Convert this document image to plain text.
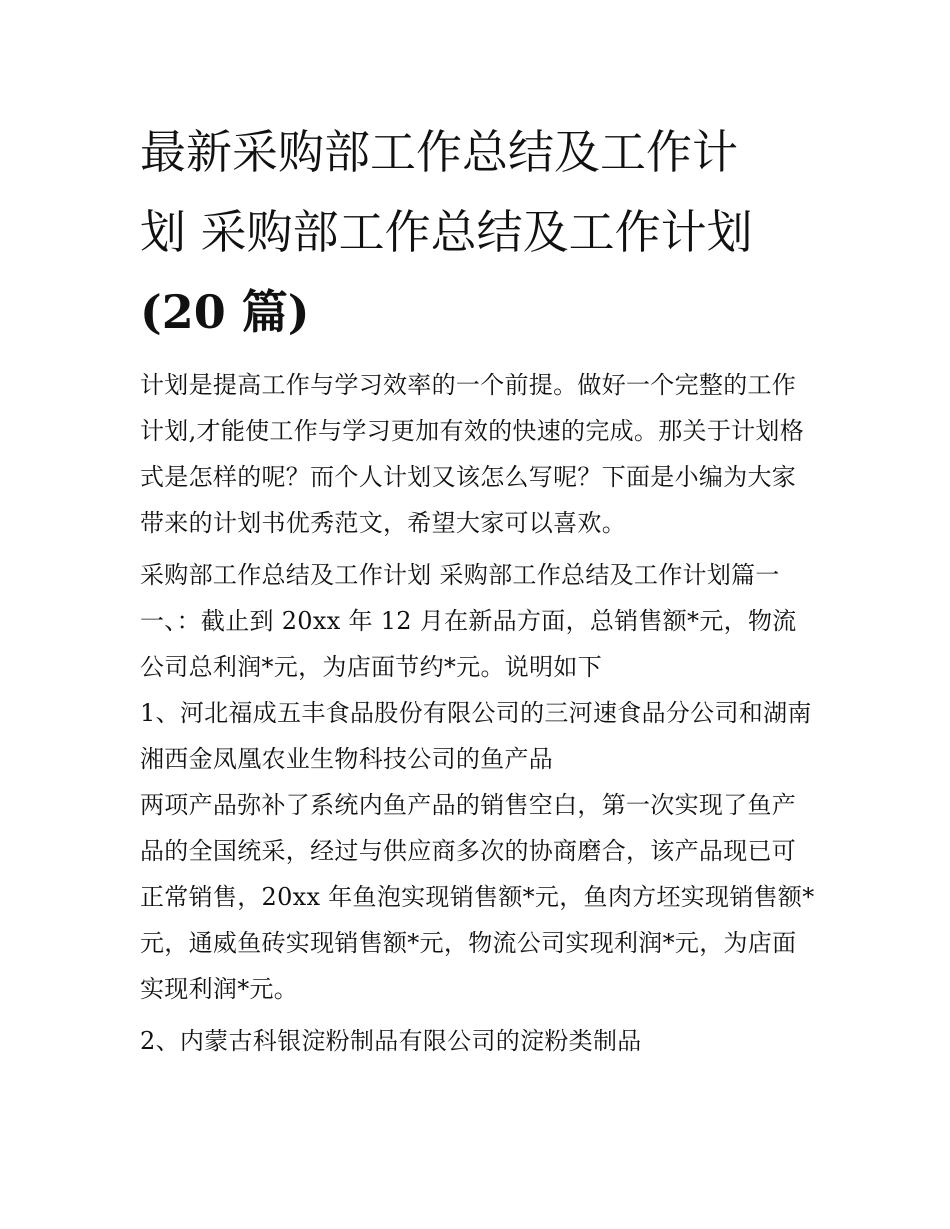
最新采购部工作总结及工作计
划 采购部工作总结及工作计划
(20 篇)

计划是提高工作与学习效率的一个前提。做好一个完整的工作计划,才能使工作与学习更加有效的快速的完成。那关于计划格式是怎样的呢？而个人计划又该怎么写呢？下面是小编为大家带来的计划书优秀范文，希望大家可以喜欢。

采购部工作总结及工作计划 采购部工作总结及工作计划篇一

一、：截止到 20xx 年 12 月在新品方面，总销售额*元，物流公司总利润*元，为店面节约*元。说明如下

1、河北福成五丰食品股份有限公司的三河速食品分公司和湖南湘西金凤凰农业生物科技公司的鱼产品

两项产品弥补了系统内鱼产品的销售空白，第一次实现了鱼产品的全国统采，经过与供应商多次的协商磨合，该产品现已可正常销售，20xx 年鱼泡实现销售额*元，鱼肉方坯实现销售额*元，通威鱼砖实现销售额*元，物流公司实现利润*元，为店面实现利润*元。

2、内蒙古科银淀粉制品有限公司的淀粉类制品
